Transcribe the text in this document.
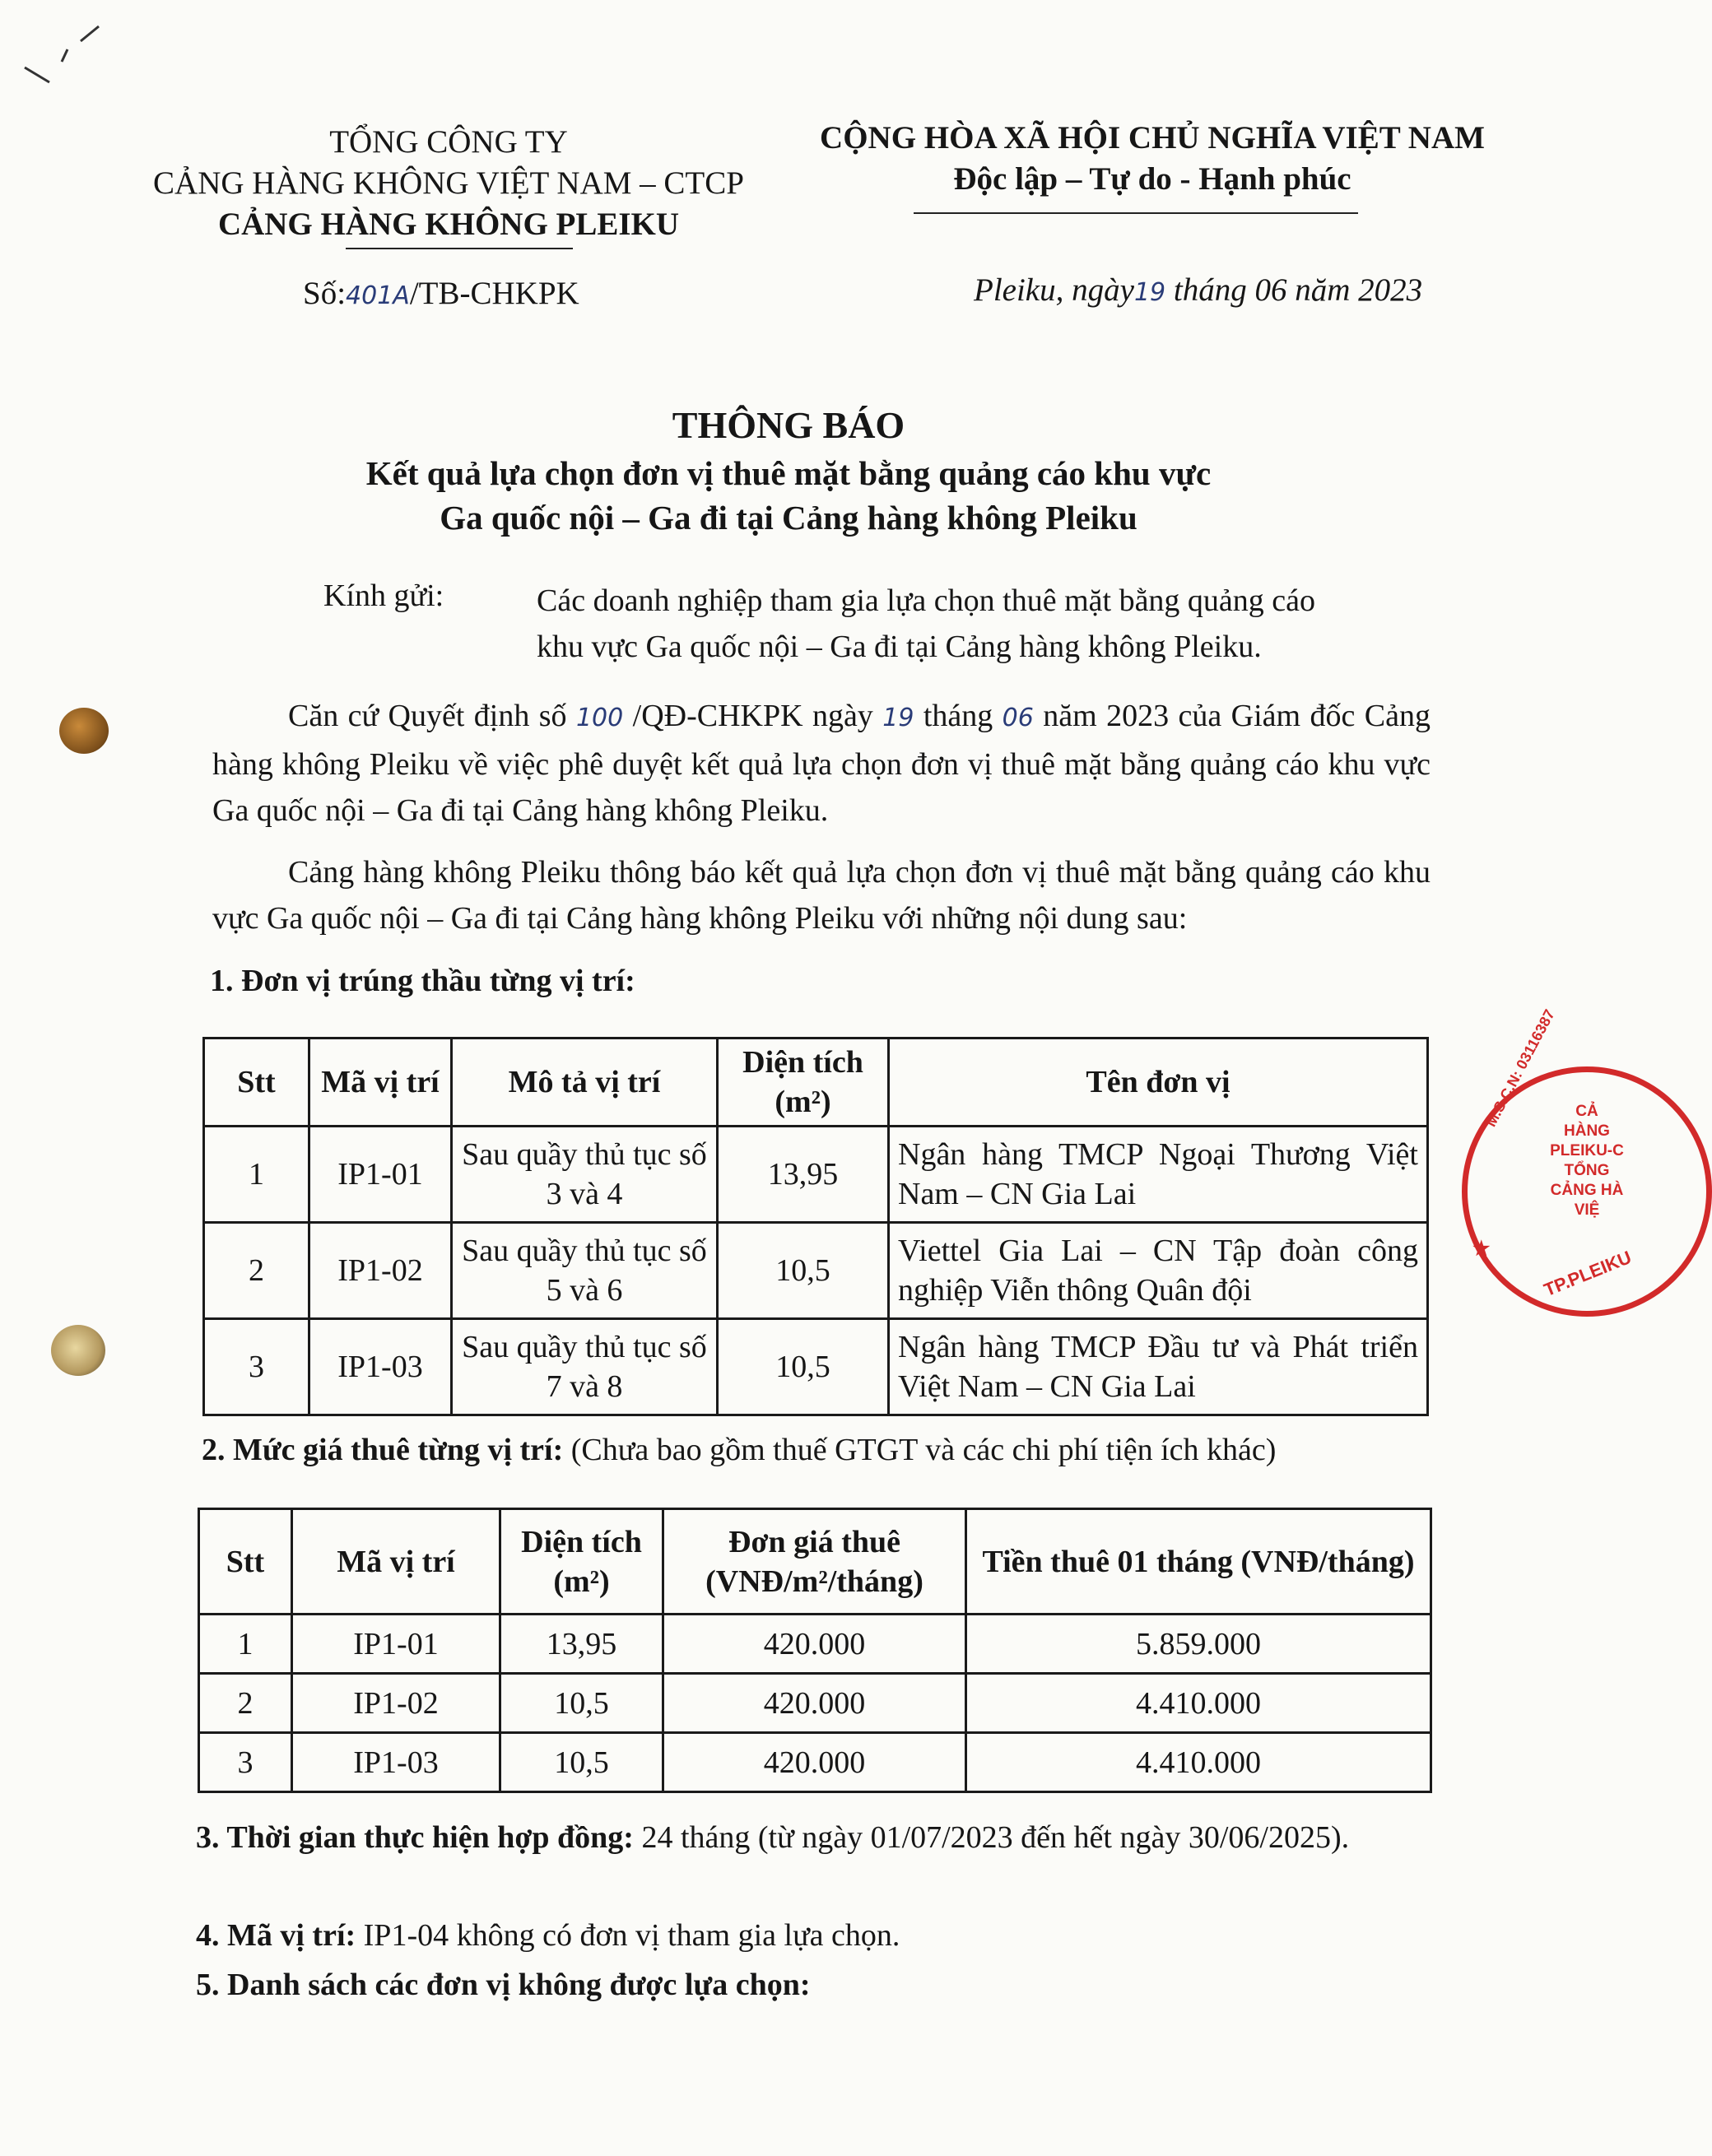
TỔNG CÔNG TY
CẢNG HÀNG KHÔNG VIỆT NAM – CTCP
CẢNG HÀNG KHÔNG PLEIKU
CỘNG HÒA XÃ HỘI CHỦ NGHĨA VIỆT NAM
Độc lập – Tự do - Hạnh phúc
Số:401A/TB-CHKPK	Pleiku, ngày19 tháng 06 năm 2023
THÔNG BÁO
Kết quả lựa chọn đơn vị thuê mặt bằng quảng cáo khu vực
Ga quốc nội – Ga đi tại Cảng hàng không Pleiku
Kính gửi:	Các doanh nghiệp tham gia lựa chọn thuê mặt bằng quảng cáo
khu vực Ga quốc nội – Ga đi tại Cảng hàng không Pleiku.
Căn cứ Quyết định số 100 /QĐ-CHKPK ngày 19 tháng 06 năm 2023 của Giám đốc Cảng hàng không Pleiku về việc phê duyệt kết quả lựa chọn đơn vị thuê mặt bằng quảng cáo khu vực Ga quốc nội – Ga đi tại Cảng hàng không Pleiku.
Cảng hàng không Pleiku thông báo kết quả lựa chọn đơn vị thuê mặt bằng quảng cáo khu vực Ga quốc nội – Ga đi tại Cảng hàng không Pleiku với những nội dung sau:
1. Đơn vị trúng thầu từng vị trí:
Stt	Mã vị trí	Mô tả vị trí	Diện tích (m²)	Tên đơn vị
1	IP1-01	Sau quầy thủ tục số 3 và 4	13,95	Ngân hàng TMCP Ngoại Thương Việt Nam – CN Gia Lai
2	IP1-02	Sau quầy thủ tục số 5 và 6	10,5	Viettel Gia Lai – CN Tập đoàn công nghiệp Viễn thông Quân đội
3	IP1-03	Sau quầy thủ tục số 7 và 8	10,5	Ngân hàng TMCP Đầu tư và Phát triển Việt Nam – CN Gia Lai
2. Mức giá thuê từng vị trí: (Chưa bao gồm thuế GTGT và các chi phí tiện ích khác)
Stt	Mã vị trí	Diện tích (m²)	Đơn giá thuê (VNĐ/m²/tháng)	Tiền thuê 01 tháng (VNĐ/tháng)
1	IP1-01	13,95	420.000	5.859.000
2	IP1-02	10,5	420.000	4.410.000
3	IP1-03	10,5	420.000	4.410.000
3. Thời gian thực hiện hợp đồng: 24 tháng (từ ngày 01/07/2023 đến hết ngày 30/06/2025).
4. Mã vị trí: IP1-04 không có đơn vị tham gia lựa chọn.
5. Danh sách các đơn vị không được lựa chọn:
★
M.S.C.N: 03116387	CẢ
HÀNG
PLEIKU-C
TỔNG
CẢNG HÀ
VIỆ
TP.PLEIKU
